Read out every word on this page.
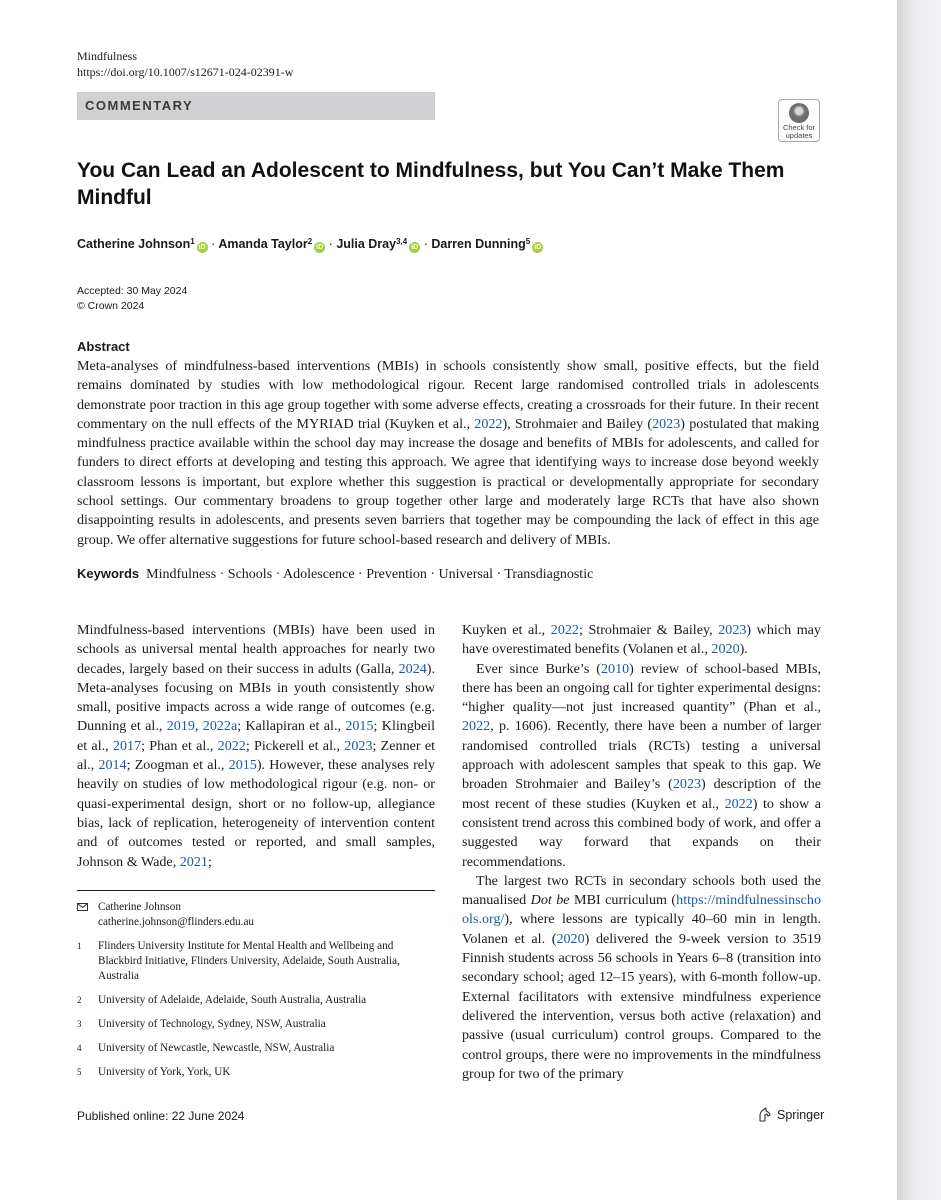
Mindfulness
https://doi.org/10.1007/s12671-024-02391-w
COMMENTARY
Check for
updates
You Can Lead an Adolescent to Mindfulness, but You Can’t Make Them Mindful
Catherine Johnson$^1$iD · Amanda Taylor$^2$iD · Julia Dray$^{3,4}$iD · Darren Dunning$^5$iD
Accepted: 30 May 2024
© Crown 2024
Abstract
Meta-analyses of mindfulness-based interventions (MBIs) in schools consistently show small, positive effects, but the field remains dominated by studies with low methodological rigour. Recent large randomised controlled trials in adolescents demonstrate poor traction in this age group together with some adverse effects, creating a crossroads for their future. In their recent commentary on the null effects of the MYRIAD trial (Kuyken et al., 2022), Strohmaier and Bailey (2023) postulated that making mindfulness practice available within the school day may increase the dosage and benefits of MBIs for adolescents, and called for funders to direct efforts at developing and testing this approach. We agree that identifying ways to increase dose beyond weekly classroom lessons is important, but explore whether this suggestion is practical or developmentally appropriate for secondary school settings. Our commentary broadens to group together other large and moderately large RCTs that have also shown disappointing results in adolescents, and presents seven barriers that together may be compounding the lack of effect in this age group. We offer alternative suggestions for future school-based research and delivery of MBIs.
Keywords Mindfulness · Schools · Adolescence · Prevention · Universal · Transdiagnostic

Mindfulness-based interventions (MBIs) have been used in schools as universal mental health approaches for nearly two decades, largely based on their success in adults (Galla, 2024). Meta-analyses focusing on MBIs in youth consistently show small, positive impacts across a wide range of outcomes (e.g. Dunning et al., 2019, 2022a; Kallapiran et al., 2015; Klingbeil et al., 2017; Phan et al., 2022; Pickerell et al., 2023; Zenner et al., 2014; Zoogman et al., 2015). However, these analyses rely heavily on studies of low methodological rigour (e.g. non- or quasi-experimental design, short or no follow-up, allegiance bias, lack of replication, heterogeneity of intervention content and of outcomes tested or reported, and small samples, Johnson & Wade, 2021;

Kuyken et al., 2022; Strohmaier & Bailey, 2023) which may have overestimated benefits (Volanen et al., 2020).

Ever since Burke’s (2010) review of school-based MBIs, there has been an ongoing call for tighter experimental designs: “higher quality—not just increased quantity” (Phan et al., 2022, p. 1606). Recently, there have been a number of larger randomised controlled trials (RCTs) testing a universal approach with adolescent samples that speak to this gap. We broaden Strohmaier and Bailey’s (2023) description of the most recent of these studies (Kuyken et al., 2022) to show a consistent trend across this combined body of work, and offer a suggested way forward that expands on their recommendations.

The largest two RCTs in secondary schools both used the manualised Dot be MBI curriculum (https://mindfulnessinschools.org/), where lessons are typically 40–60 min in length. Volanen et al. (2020) delivered the 9-week version to 3519 Finnish students across 56 schools in Years 6–8 (transition into secondary school; aged 12–15 years), with 6-month follow-up. External facilitators with extensive mindfulness experience delivered the intervention, versus both active (relaxation) and passive (usual curriculum) control groups. Compared to the control groups, there were no improvements in the mindfulness group for two of the primary

Catherine Johnson
catherine.johnson@flinders.edu.au
1 Flinders University Institute for Mental Health and Wellbeing and Blackbird Initiative, Flinders University, Adelaide, South Australia, Australia
2 University of Adelaide, Adelaide, South Australia, Australia
3 University of Technology, Sydney, NSW, Australia
4 University of Newcastle, Newcastle, NSW, Australia
5 University of York, York, UK
Published online: 22 June 2024	Springer
